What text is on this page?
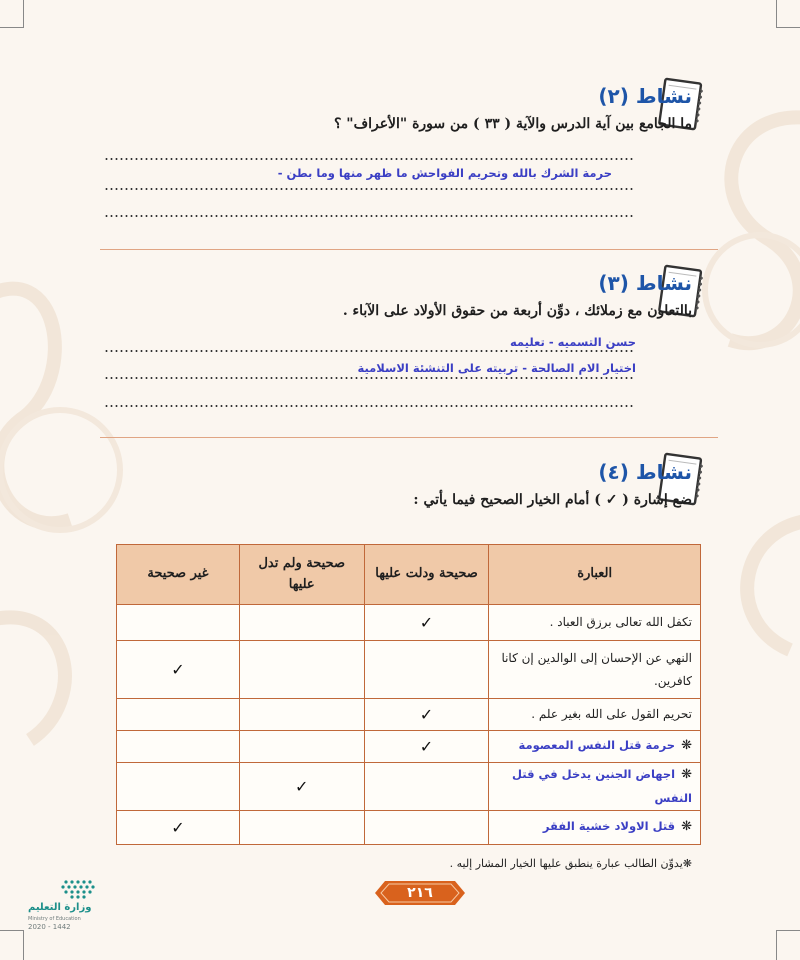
نشاط (٢)
ما الجامع بين آية الدرس والآية ( ٣٣ ) من سورة "الأعراف" ؟
حرمة الشرك بالله وتحريم الفواحش ما ظهر منها وما بطن -
نشاط (٣)
بالتعاون مع زملائك ، دوِّن أربعة من حقوق الأولاد على الآباء .
حسن التسميه - تعليمه
اختيار الام الصالحة - تربيته على التنشئة الاسلامية
نشاط (٤)
ضع إشارة ( ✓ ) أمام الخيار الصحيح فيما يأتي :
العبارة	صحيحة ودلت عليها	صحيحة ولم تدل عليها	غير صحيحة
تكفل الله تعالى برزق العباد .	✓		
النهي عن الإحسان إلى الوالدين إن كانا كافرين.			✓
تحريم القول على الله بغير علم .	✓		
❋حرمة قتل النفس المعصومة	✓		
❋اجهاض الجنين يدخل في قتل النفس		✓	
❋قتل الاولاد خشية الفقر			✓
❋يدوِّن الطالب عبارة ينطبق عليها الخيار المشار إليه .
٢١٦
وزارة التعليم
Ministry of Education
2020 - 1442
